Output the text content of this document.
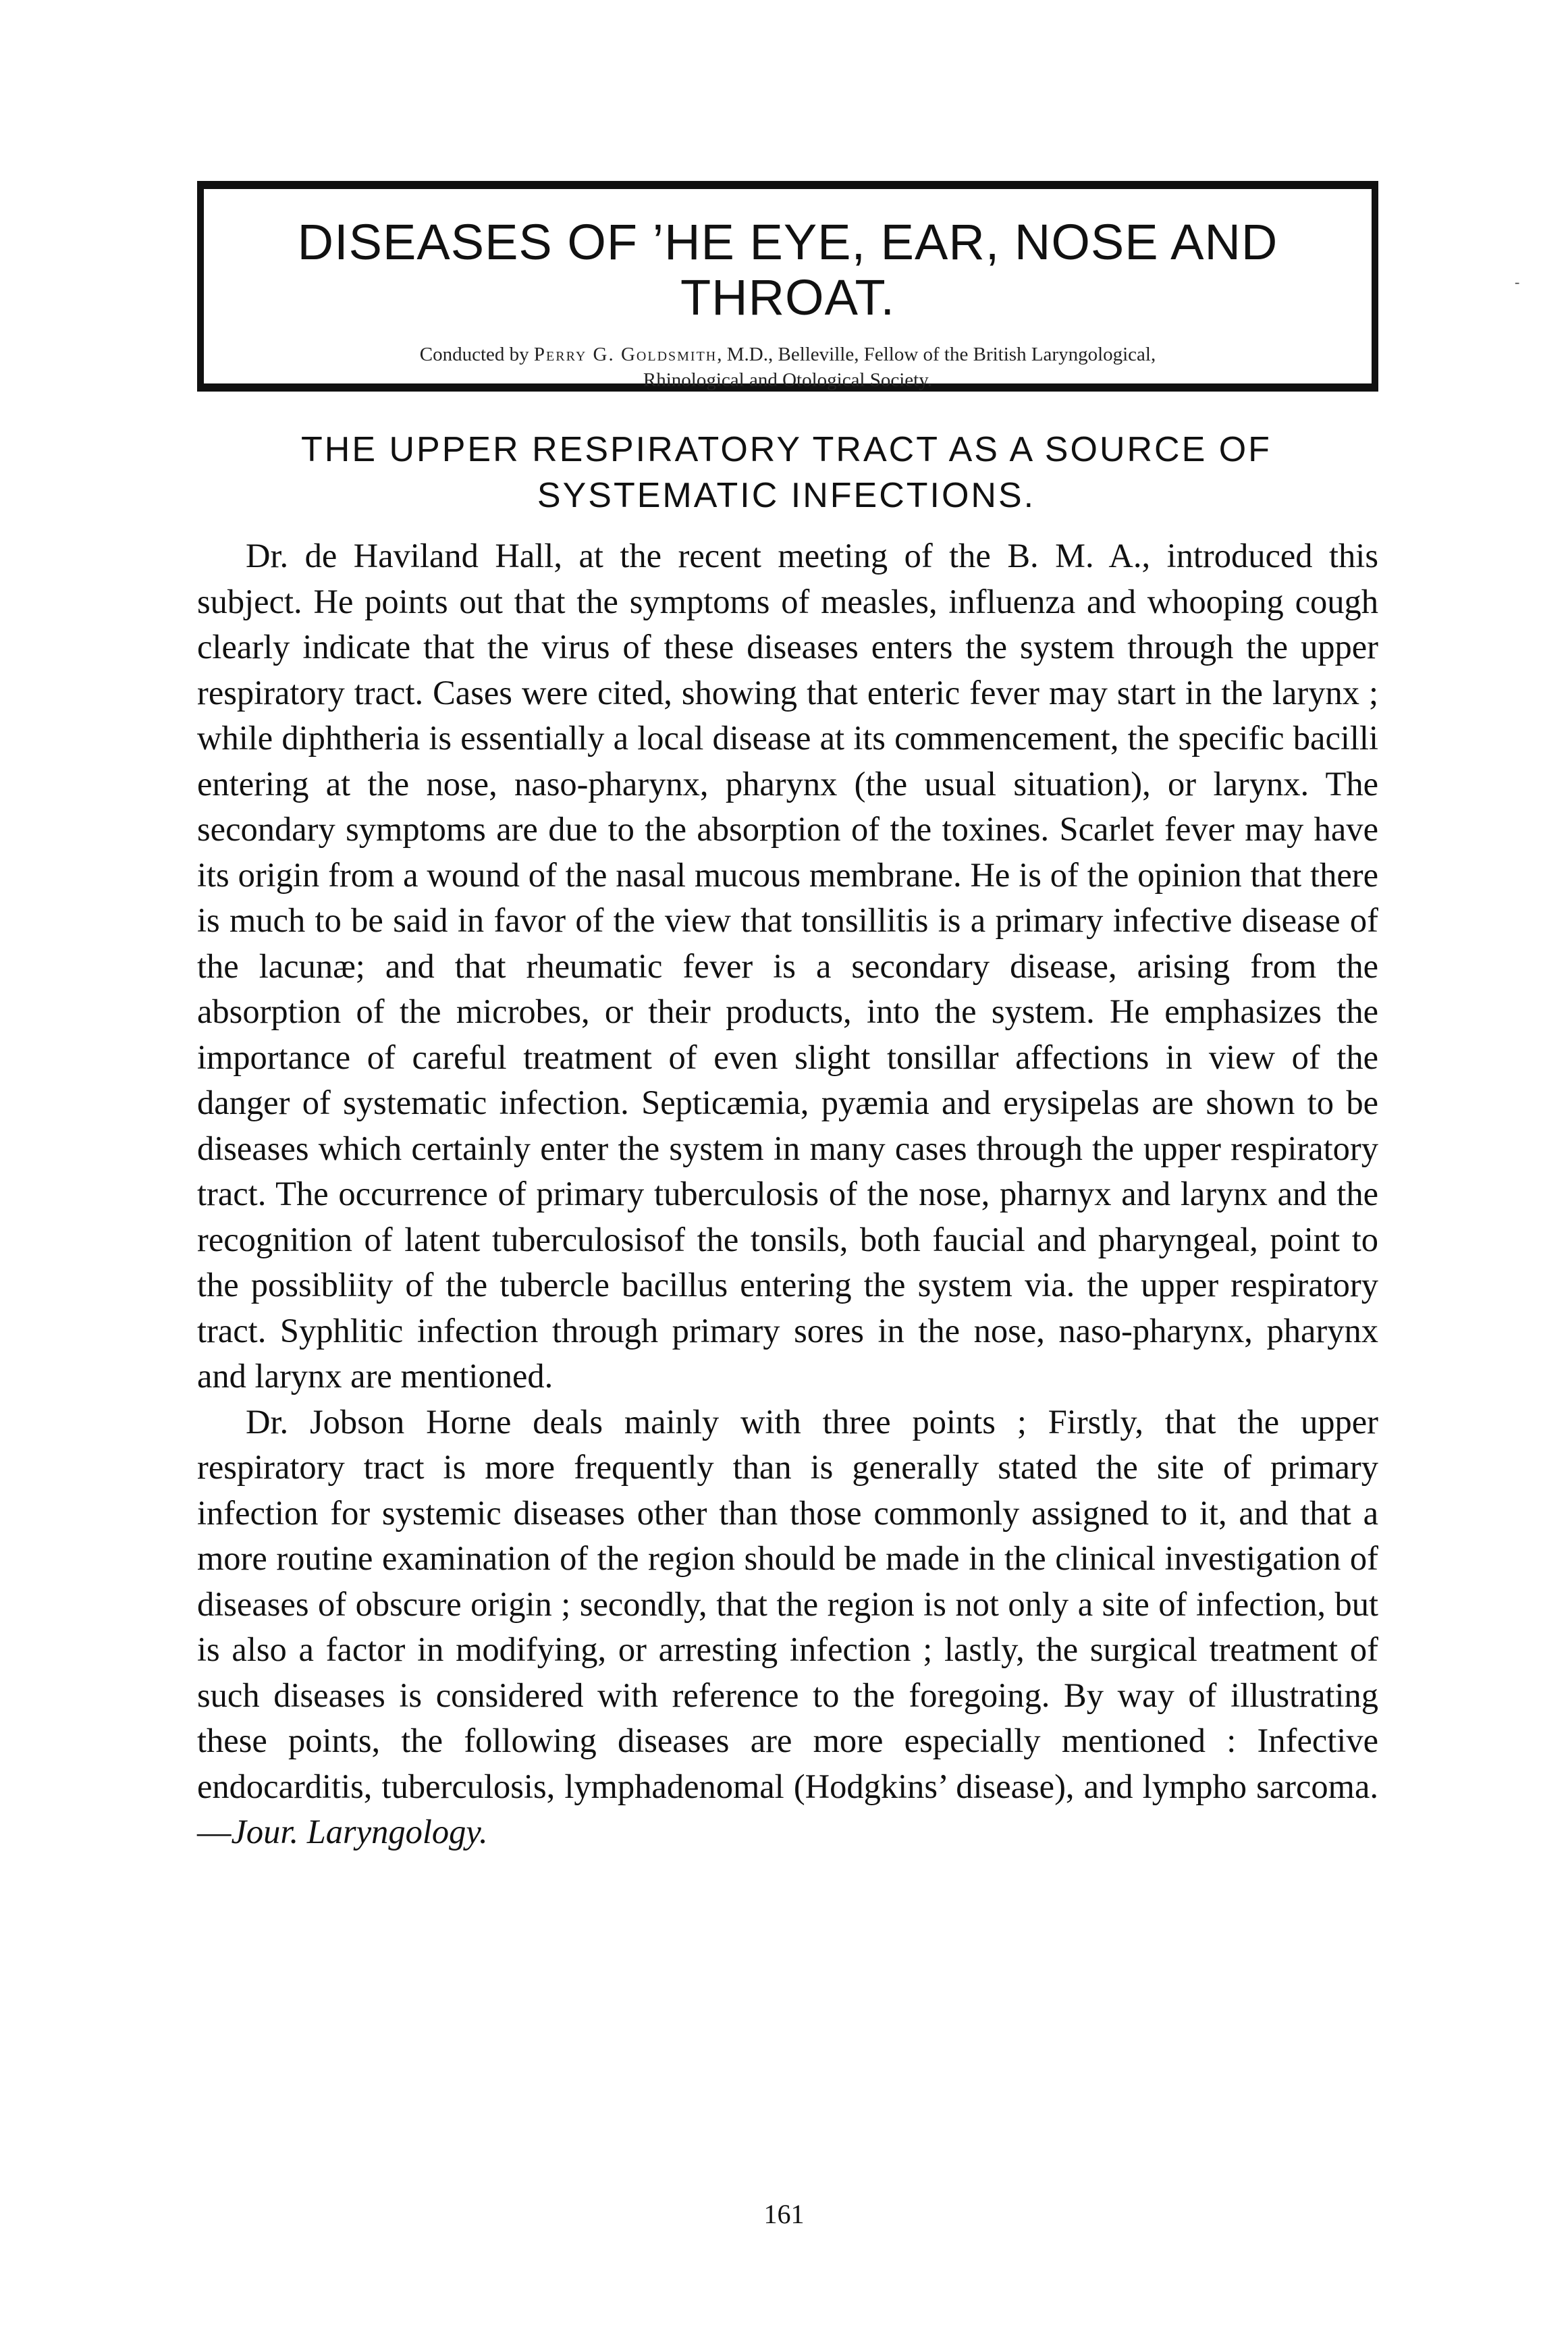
DISEASES OF ’HE EYE, EAR, NOSE AND
THROAT.
Conducted by Perry G. Goldsmith, M.D., Belleville, Fellow of the British Laryngological,
Rhinological and Otological Society.
-
THE UPPER RESPIRATORY TRACT AS A SOURCE OF
SYSTEMATIC INFECTIONS.

Dr. de Haviland Hall, at the recent meeting of the B. M. A., introduced this subject. He points out that the symptoms of measles, influenza and whooping cough clearly indicate that the virus of these diseases enters the system through the upper respiratory tract. Cases were cited, showing that enteric fever may start in the larynx ; while diphtheria is essentially a local disease at its commencement, the specific bacilli entering at the nose, naso-pharynx, pharynx (the usual situation), or larynx. The secondary symptoms are due to the absorption of the toxines. Scarlet fever may have its origin from a wound of the nasal mucous membrane. He is of the opinion that there is much to be said in favor of the view that tonsillitis is a primary infective disease of the lacunæ; and that rheumatic fever is a secondary disease, arising from the absorption of the microbes, or their products, into the system. He emphasizes the importance of careful treatment of even slight tonsillar affections in view of the danger of systematic infection. Septicæmia, pyæmia and erysipelas are shown to be diseases which certainly enter the system in many cases through the upper respiratory tract. The occurrence of primary tuberculosis of the nose, pharnyx and larynx and the recognition of latent tuberculosisof the tonsils, both faucial and pharyngeal, point to the possibliity of the tubercle bacillus entering the system via. the upper respiratory tract. Syphlitic infection through primary sores in the nose, naso-pharynx, pharynx and larynx are mentioned.

Dr. Jobson Horne deals mainly with three points ; Firstly, that the upper respiratory tract is more frequently than is generally stated the site of primary infection for systemic diseases other than those commonly assigned to it, and that a more routine examination of the region should be made in the clinical investigation of diseases of obscure origin ; secondly, that the region is not only a site of infection, but is also a factor in modifying, or arresting infection ; lastly, the surgical treatment of such diseases is considered with reference to the foregoing. By way of illustrating these points, the following diseases are more especially mentioned : Infective endocarditis, tuberculosis, lymphadenomal (Hodgkins’ disease), and lympho sarcoma.—Jour. Laryngology.

161
